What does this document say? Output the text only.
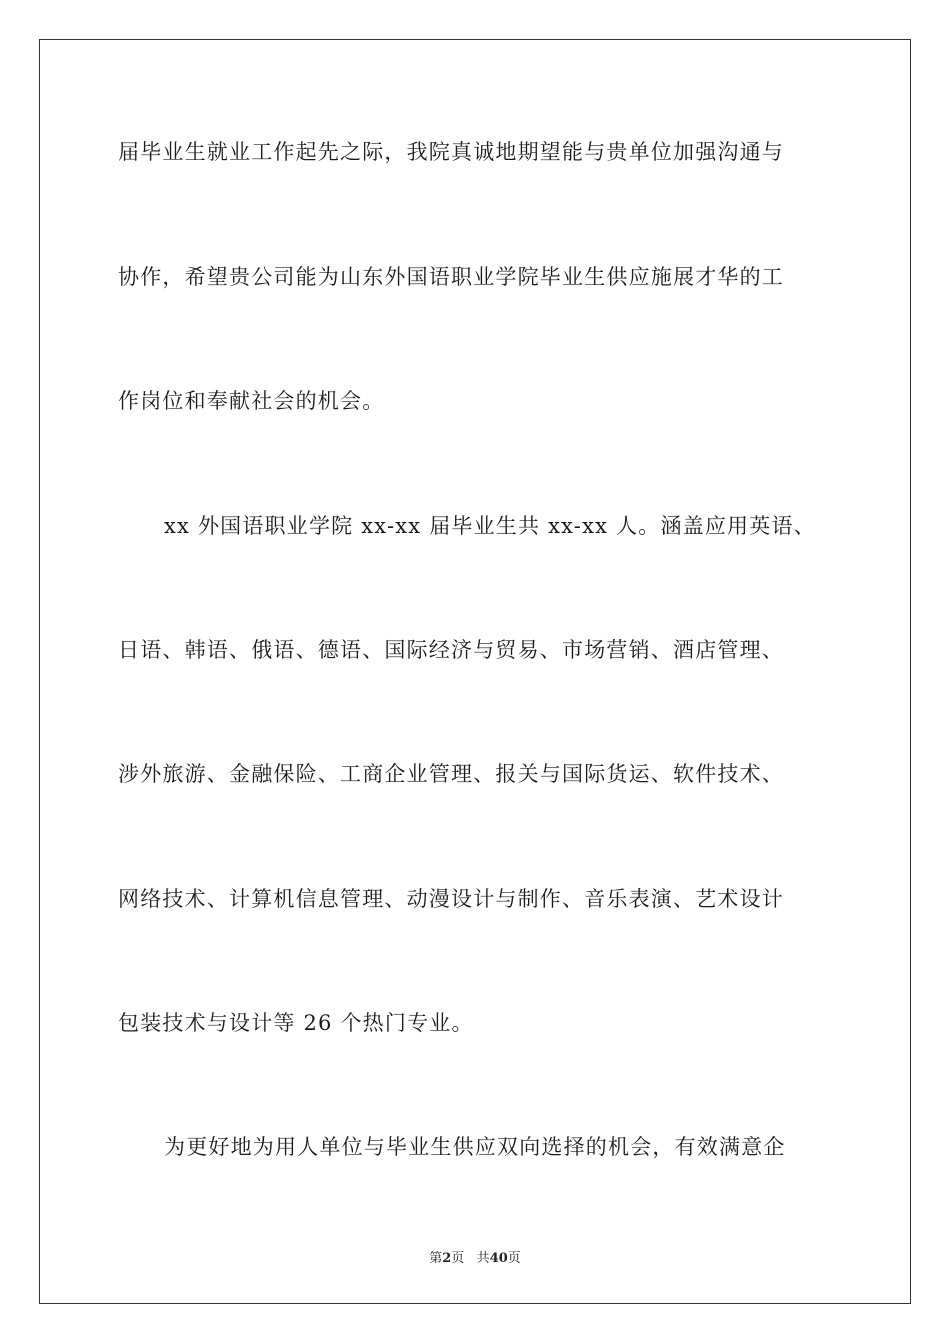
届毕业生就业工作起先之际，我院真诚地期望能与贵单位加强沟通与
协作，希望贵公司能为山东外国语职业学院毕业生供应施展才华的工
作岗位和奉献社会的机会。
xx 外国语职业学院 xx-xx 届毕业生共 xx-xx 人。涵盖应用英语、
日语、韩语、俄语、德语、国际经济与贸易、市场营销、酒店管理、
涉外旅游、金融保险、工商企业管理、报关与国际货运、软件技术、
网络技术、计算机信息管理、动漫设计与制作、音乐表演、艺术设计
包装技术与设计等 26 个热门专业。
为更好地为用人单位与毕业生供应双向选择的机会，有效满意企
第2页 共40页
